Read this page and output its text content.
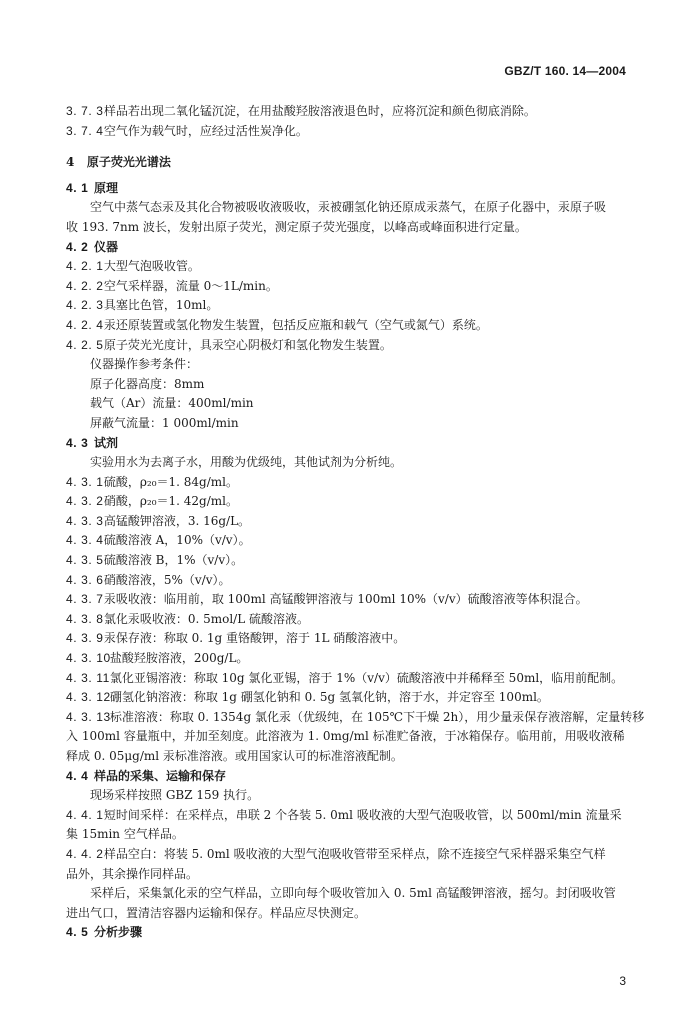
GBZ/T 160. 14—2004
3. 7. 3 样品若出现二氧化锰沉淀，在用盐酸羟胺溶液退色时，应将沉淀和颜色彻底消除。
3. 7. 4 空气作为载气时，应经过活性炭净化。
4 原子荧光光谱法
4. 1 原理
空气中蒸气态汞及其化合物被吸收液吸收，汞被硼氢化钠还原成汞蒸气，在原子化器中，汞原子吸
收 193. 7nm 波长，发射出原子荧光，测定原子荧光强度，以峰高或峰面积进行定量。
4. 2 仪器
4. 2. 1 大型气泡吸收管。
4. 2. 2 空气采样器，流量 0～1L/min。
4. 2. 3 具塞比色管，10ml。
4. 2. 4 汞还原装置或氢化物发生装置，包括反应瓶和载气（空气或氮气）系统。
4. 2. 5 原子荧光光度计，具汞空心阴极灯和氢化物发生装置。
仪器操作参考条件：
原子化器高度：8mm
载气（Ar）流量：400ml/min
屏蔽气流量：1 000ml/min
4. 3 试剂
实验用水为去离子水，用酸为优级纯，其他试剂为分析纯。
4. 3. 1 硫酸，ρ₂₀＝1. 84g/ml。
4. 3. 2 硝酸，ρ₂₀＝1. 42g/ml。
4. 3. 3 高锰酸钾溶液，3. 16g/L。
4. 3. 4 硫酸溶液 A，10%（v/v）。
4. 3. 5 硫酸溶液 B，1%（v/v）。
4. 3. 6 硝酸溶液，5%（v/v）。
4. 3. 7 汞吸收液：临用前，取 100ml 高锰酸钾溶液与 100ml 10%（v/v）硫酸溶液等体积混合。
4. 3. 8 氯化汞吸收液：0. 5mol/L 硫酸溶液。
4. 3. 9 汞保存液：称取 0. 1g 重铬酸钾，溶于 1L 硝酸溶液中。
4. 3. 10 盐酸羟胺溶液，200g/L。
4. 3. 11 氯化亚锡溶液：称取 10g 氯化亚锡，溶于 1%（v/v）硫酸溶液中并稀释至 50ml，临用前配制。
4. 3. 12 硼氢化钠溶液：称取 1g 硼氢化钠和 0. 5g 氢氧化钠，溶于水，并定容至 100ml。
4. 3. 13 标准溶液：称取 0. 1354g 氯化汞（优级纯，在 105℃下干燥 2h），用少量汞保存液溶解，定量转移
入 100ml 容量瓶中，并加至刻度。此溶液为 1. 0mg/ml 标准贮备液，于冰箱保存。临用前，用吸收液稀
释成 0. 05μg/ml 汞标准溶液。或用国家认可的标准溶液配制。
4. 4 样品的采集、运输和保存
现场采样按照 GBZ 159 执行。
4. 4. 1 短时间采样：在采样点，串联 2 个各装 5. 0ml 吸收液的大型气泡吸收管，以 500ml/min 流量采
集 15min 空气样品。
4. 4. 2 样品空白：将装 5. 0ml 吸收液的大型气泡吸收管带至采样点，除不连接空气采样器采集空气样
品外，其余操作同样品。
采样后，采集氯化汞的空气样品，立即向每个吸收管加入 0. 5ml 高锰酸钾溶液，摇匀。封闭吸收管
进出气口，置清洁容器内运输和保存。样品应尽快测定。
4. 5 分析步骤
3
